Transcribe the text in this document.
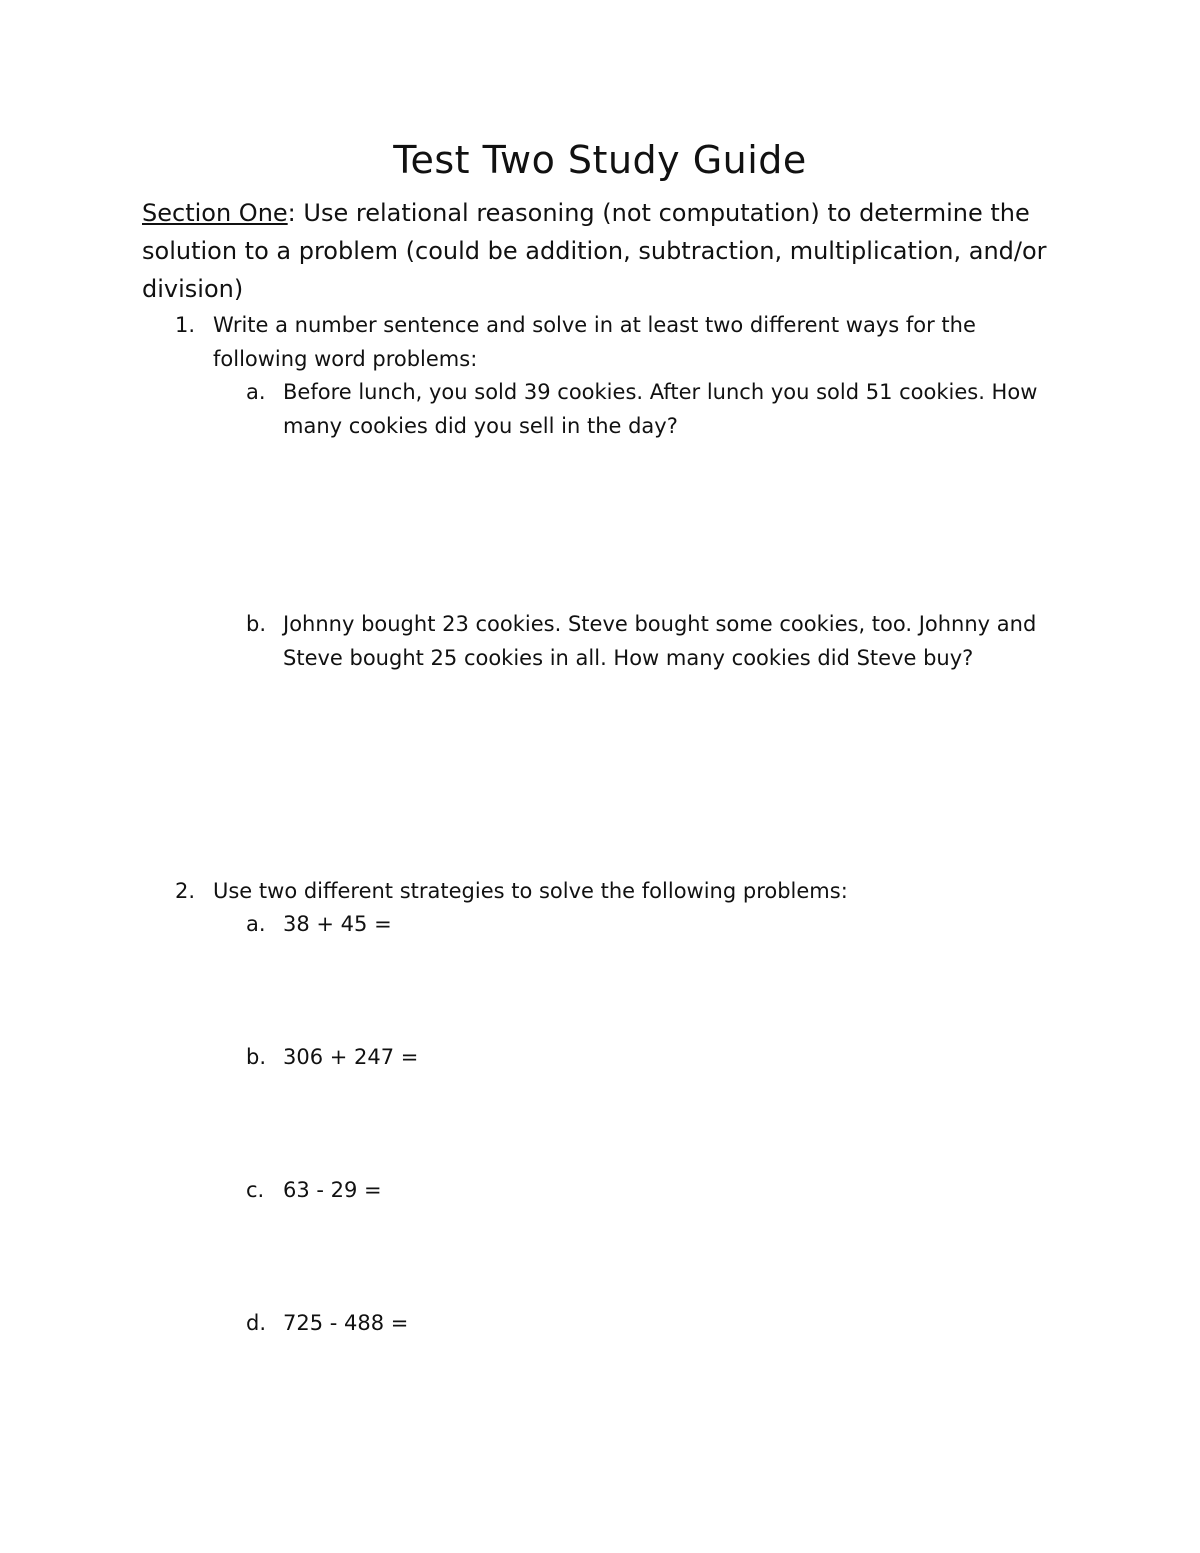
Test Two Study Guide

Section One: Use relational reasoning (not computation) to determine the solution to a problem (could be addition, subtraction, multiplication, and/or division)

1. Write a number sentence and solve in at least two different ways for the following word problems:
a. Before lunch, you sold 39 cookies. After lunch you sold 51 cookies. How many cookies did you sell in the day?
b. Johnny bought 23 cookies. Steve bought some cookies, too. Johnny and Steve bought 25 cookies in all. How many cookies did Steve buy?
2. Use two different strategies to solve the following problems:
a. 38 + 45 =
b. 306 + 247 =
c. 63 - 29 =
d. 725 - 488 =
